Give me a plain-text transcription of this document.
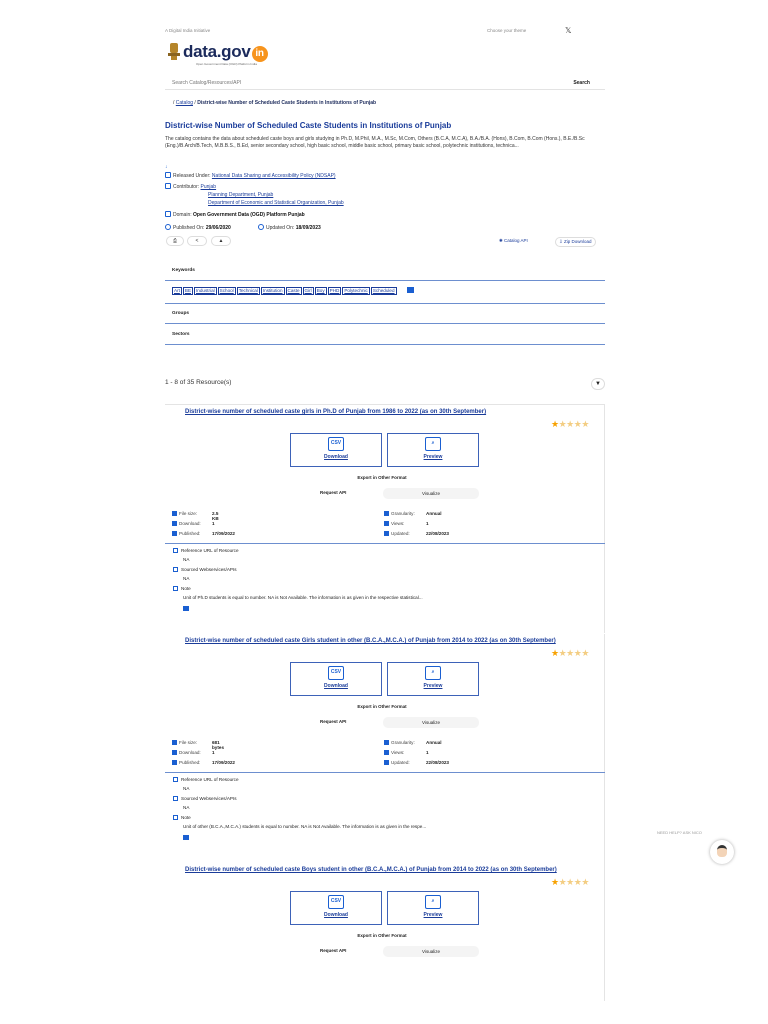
A Digital India Initiative	Choose your theme	𝕏
data.gov in
Open Government Data (OGD) Platform India
Search Catalog/Resources/API	Search
/ Catalog / District-wise Number of Scheduled Caste Students in Institutions of Punjab
District-wise Number of Scheduled Caste Students in Institutions of Punjab
The catalog contains the data about scheduled caste boys and girls studying in Ph.D, M.Phil, M.A., M.Sc, M.Com, Others (B.C.A, M.C.A), B.A./B.A. (Hons), B.Com, B.Com (Hons.), B.E./B.Sc (Eng.)/B.Arch/B.Tech, M.B.B.S., B.Ed, senior secondary school, high basic school, middle basic school, primary basic school, polytechnic institutions, technica...
↓
Released Under: National Data Sharing and Accessibility Policy (NDSAP)
Contributor: Punjab
Planning Department, Punjab
Department of Economic and Statistical Organization, Punjab
Domain: Open Government Data (OGD) Platform Punjab
Published On: 29/06/2020	Updated On: 18/09/2023
⎙	<	▲	✺ Catalog API	⇩ Zip Download
Keywords
Art BE Industrial School Technical Institution Caste Girl Boy PHD Polytechnic Scheduled
Groups
Sectors
1 - 8 of 35 Resource(s)	▼
District-wise number of scheduled caste girls in Ph.D of Punjab from 1986 to 2022 (as on 30th September)
★★★★★
CSV
Download
⌕
Preview
Export in Other Format
Request API	Visualize
File size:	2.5 KB
Download: 1
Published:	17/09/2022
Granularity: Annual
Views:	1
Updated:	22/08/2023
Reference URL of Resource
NA
Sourced Webservices/APIs
NA
Note
Unit of Ph.D students is equal to number. NA is Not Available. The information is as given in the respective statistical...
District-wise number of scheduled caste Girls student in other (B.C.A.,M.C.A.) of Punjab from 2014 to 2022 (as on 30th September)
★★★★★
CSV
Download
⌕
Preview
Export in Other Format
Request API	Visualize
File size:	681 bytes
Download: 1
Published:	17/09/2022
Granularity: Annual
Views:	1
Updated:	22/08/2023
Reference URL of Resource
NA
Sourced Webservices/APIs
NA
Note
Unit of other (B.C.A.,M.C.A.) students is equal to number. NA is Not Available. The information is as given in the respe...
District-wise number of scheduled caste Boys student in other (B.C.A.,M.C.A.) of Punjab from 2014 to 2022 (as on 30th September)
★★★★★
CSV
Download
⌕
Preview
Export in Other Format
Request API	Visualize
NEED HELP? ASK NICO
